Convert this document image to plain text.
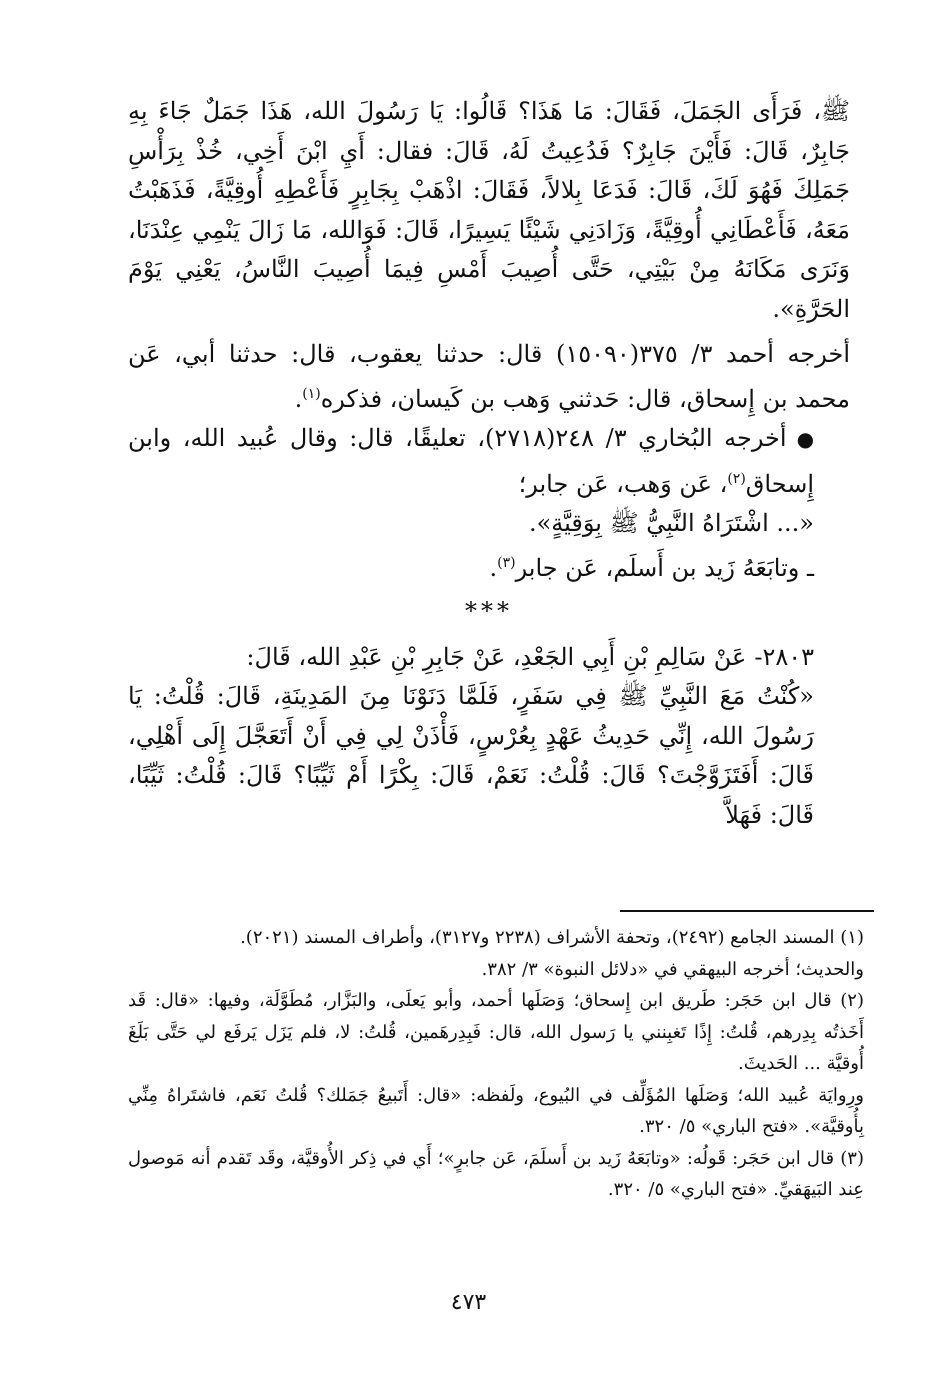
ﷺ، فَرَأَى الجَمَلَ، فَقَالَ: مَا هَذَا؟ قَالُوا: يَا رَسُولَ الله، هَذَا جَمَلٌ جَاءَ بِهِ جَابِرٌ، قَالَ: فَأَيْنَ جَابِرٌ؟ فَدُعِيتُ لَهُ، قَالَ: فقال: أَيِ ابْنَ أَخِي، خُذْ بِرَأْسِ جَمَلِكَ فَهُوَ لَكَ، قَالَ: فَدَعَا بِلالاً، فَقَالَ: اذْهَبْ بِجَابِرٍ فَأَعْطِهِ أُوقِيَّةً، فَذَهَبْتُ مَعَهُ، فَأَعْطَانِي أُوقِيَّةً، وَزَادَنِي شَيْئًا يَسِيرًا، قَالَ: فَوَالله، مَا زَالَ يَنْمِي عِنْدَنَا، وَنَرَى مَكَانَهُ مِنْ بَيْتِي، حَتَّى أُصِيبَ أَمْسِ فِيمَا أُصِيبَ النَّاسُ، يَعْنِي يَوْمَ الحَرَّةِ».

أخرجه أحمد ٣/ ٣٧٥(١٥٠٩٠) قال: حدثنا يعقوب، قال: حدثنا أبي، عَن محمد بن إِسحاق، قال: حَدثني وَهب بن كَيسان، فذكره$^{(١)}$.

●أخرجه البُخاري ٣/ ٢٤٨(٢٧١٨)، تعليقًا، قال: وقال عُبيد الله، وابن إِسحاق$^{(٢)}$، عَن وَهب، عَن جابر؛

«... اشْتَرَاهُ النَّبِيُّ ﷺ بِوَقِيَّةٍ».

ـ وتابَعَهُ زَيد بن أَسلَم، عَن جابر$^{(٣)}$.

***

٢٨٠٣-عَنْ سَالِمِ بْنِ أَبِي الجَعْدِ، عَنْ جَابِرِ بْنِ عَبْدِ الله، قَالَ:

«كُنْتُ مَعَ النَّبِيِّ ﷺ فِي سَفَرٍ، فَلَمَّا دَنَوْنَا مِنَ المَدِينَةِ، قَالَ: قُلْتُ: يَا رَسُولَ الله، إِنِّي حَدِيثُ عَهْدٍ بِعُرْسٍ، فَأْذَنْ لِي فِي أَنْ أَتَعَجَّلَ إِلَى أَهْلِي، قَالَ: أَفَتَزَوَّجْتَ؟ قَالَ: قُلْتُ: نَعَمْ، قَالَ: بِكْرًا أَمْ ثَيِّبًا؟ قَالَ: قُلْتُ: ثَيِّبًا، قَالَ: فَهَلاَّ

(١) المسند الجامع (٢٤٩٢)، وتحفة الأشراف (٢٢٣٨ و٣١٢٧)، وأطراف المسند (٢٠٢١).

والحديث؛ أخرجه البيهقي في «دلائل النبوة» ٣/ ٣٨٢.

(٢) قال ابن حَجَر: طَريق ابن إِسحاق؛ وَصَلَها أحمد، وأبو يَعلَى، والبَزَّار، مُطَوَّلَة، وفيها: «قال: قَد أَخَذتُه بِدِرهم، قُلتُ: إِذًا تَغبِنني يا رَسول الله، قال: فَبِدِرهَمين، قُلتُ: لا، فلم يَزَل يَرفَع لي حَتَّى بَلَغَ أُوقيَّة ... الحَديثَ.

ورِوايَة عُبيد الله؛ وَصَلَها المُؤَلِّف في البُيوع، ولَفظه: «قال: أَتَبيعُ جَمَلك؟ قُلتُ نَعَم، فاشتَراهُ مِنِّي بِأُوقيَّة». «فتح الباري» ٥/ ٣٢٠.

(٣) قال ابن حَجَر: قَولُه: «وتابَعَهُ زَيد بن أَسلَمَ، عَن جابرٍ»؛ أَي في ذِكر الأُوقيَّة، وقَد تَقدم أنه مَوصول عِند البَيهَقيِّ. «فتح الباري» ٥/ ٣٢٠.

٤٧٣
